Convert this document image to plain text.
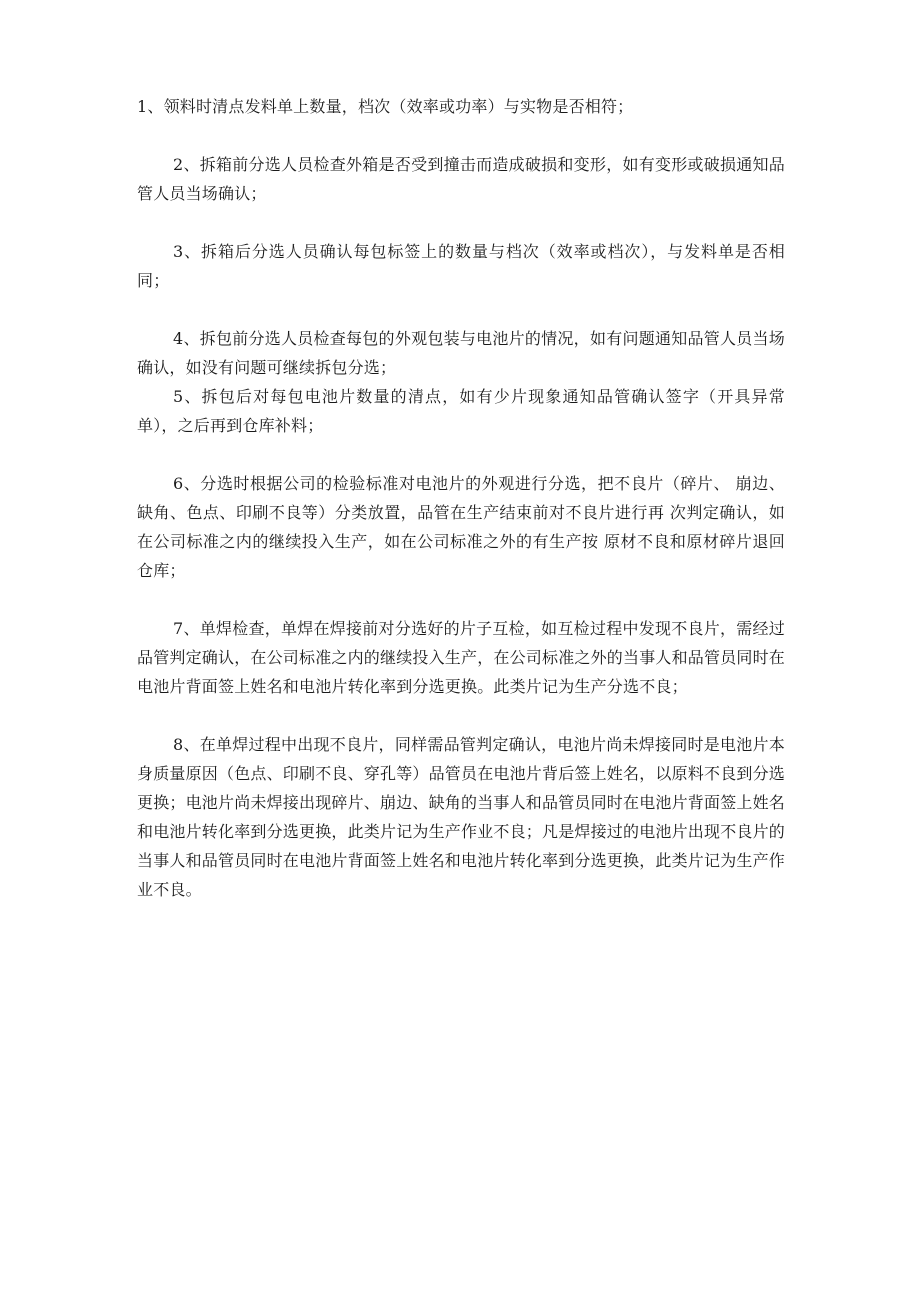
1、领料时清点发料单上数量，档次（效率或功率）与实物是否相符；

2、拆箱前分选人员检查外箱是否受到撞击而造成破损和变形，如有变形或破损通知品管人员当场确认；

3、拆箱后分选人员确认每包标签上的数量与档次（效率或档次），与发料单是否相同；

4、拆包前分选人员检查每包的外观包装与电池片的情况，如有问题通知品管人员当场确认，如没有问题可继续拆包分选；

5、拆包后对每包电池片数量的清点，如有少片现象通知品管确认签字（开具异常单），之后再到仓库补料；

6、分选时根据公司的检验标准对电池片的外观进行分选，把不良片（碎片、 崩边、缺角、色点、印刷不良等）分类放置，品管在生产结束前对不良片进行再 次判定确认，如在公司标准之内的继续投入生产，如在公司标准之外的有生产按 原材不良和原材碎片退回仓库；

7、单焊检查，单焊在焊接前对分选好的片子互检，如互检过程中发现不良片，需经过品管判定确认，在公司标准之内的继续投入生产，在公司标准之外的当事人和品管员同时在电池片背面签上姓名和电池片转化率到分选更换。此类片记为生产分选不良；

8、在单焊过程中出现不良片，同样需品管判定确认，电池片尚未焊接同时是电池片本身质量原因（色点、印刷不良、穿孔等）品管员在电池片背后签上姓名，以原料不良到分选更换；电池片尚未焊接出现碎片、崩边、缺角的当事人和品管员同时在电池片背面签上姓名和电池片转化率到分选更换，此类片记为生产作业不良；凡是焊接过的电池片出现不良片的当事人和品管员同时在电池片背面签上姓名和电池片转化率到分选更换，此类片记为生产作业不良。
